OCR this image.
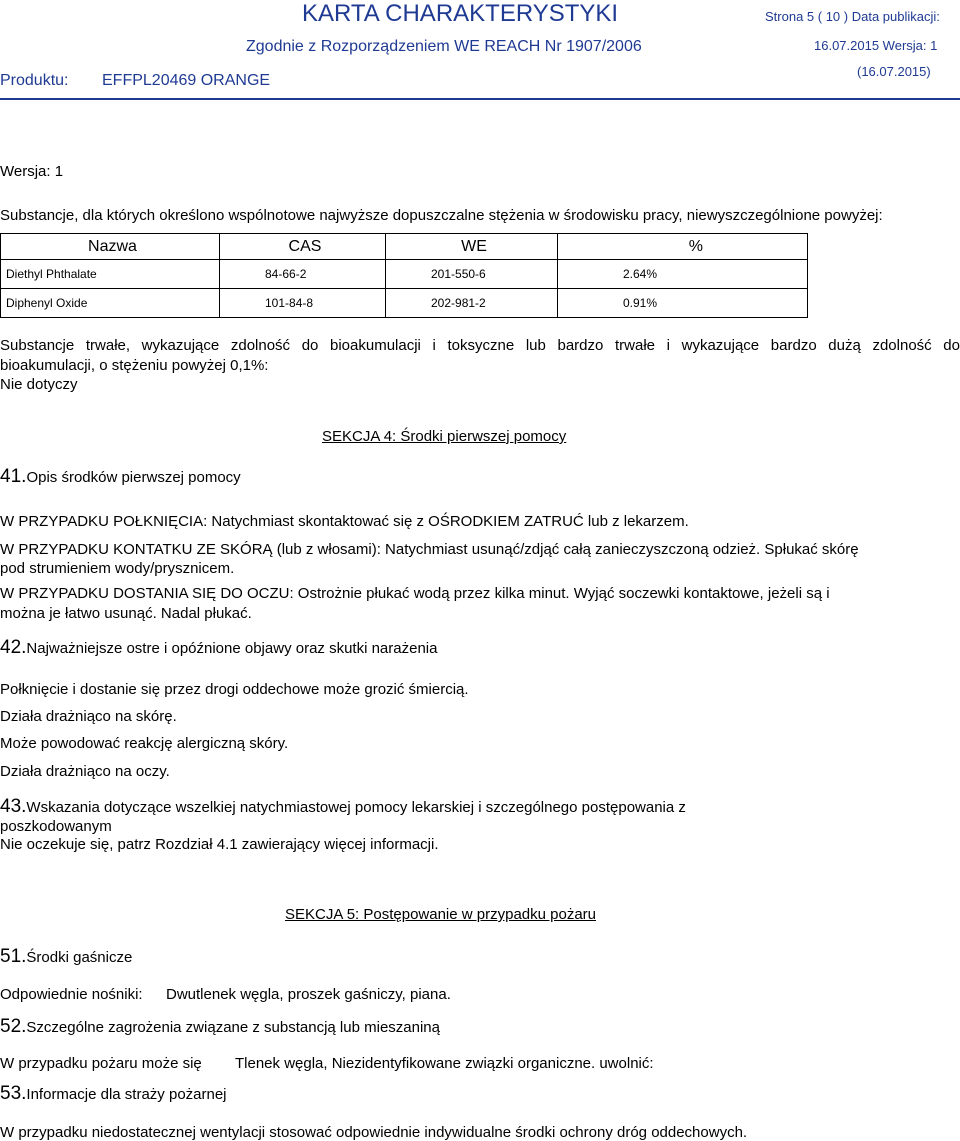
KARTA CHARAKTERYSTYKI
Zgodnie z Rozporządzeniem WE REACH Nr 1907/2006
Strona 5 ( 10 ) Data publikacji:
16.07.2015 Wersja: 1
(16.07.2015)
Produktu: EFFPL20469 ORANGE
Wersja: 1
Substancje, dla których określono wspólnotowe najwyższe dopuszczalne stężenia w środowisku pracy, niewyszczególnione powyżej:
Nazwa	CAS	WE	%
Diethyl Phthalate	84-66-2	201-550-6	2.64%
Diphenyl Oxide	101-84-8	202-981-2	0.91%
Substancje trwałe, wykazujące zdolność do bioakumulacji i toksyczne lub bardzo trwałe i wykazujące bardzo dużą zdolność do
bioakumulacji, o stężeniu powyżej 0,1%:
Nie dotyczy
SEKCJA 4: Środki pierwszej pomocy
41.Opis środków pierwszej pomocy
W PRZYPADKU POŁKNIĘCIA: Natychmiast skontaktować się z OŚRODKIEM ZATRUĆ lub z lekarzem.
W PRZYPADKU KONTATKU ZE SKÓRĄ (lub z włosami): Natychmiast usunąć/zdjąć całą zanieczyszczoną odzież. Spłukać skórę
pod strumieniem wody/prysznicem.
W PRZYPADKU DOSTANIA SIĘ DO OCZU: Ostrożnie płukać wodą przez kilka minut. Wyjąć soczewki kontaktowe, jeżeli są i
można je łatwo usunąć. Nadal płukać.
42.Najważniejsze ostre i opóźnione objawy oraz skutki narażenia
Połknięcie i dostanie się przez drogi oddechowe może grozić śmiercią.
Działa drażniąco na skórę.
Może powodować reakcję alergiczną skóry.
Działa drażniąco na oczy.
43.Wskazania dotyczące wszelkiej natychmiastowej pomocy lekarskiej i szczególnego postępowania z
poszkodowanym
Nie oczekuje się, patrz Rozdział 4.1 zawierający więcej informacji.
SEKCJA 5: Postępowanie w przypadku pożaru
51.Środki gaśnicze
Odpowiednie nośniki: Dwutlenek węgla, proszek gaśniczy, piana.
52.Szczególne zagrożenia związane z substancją lub mieszaniną
W przypadku pożaru może się Tlenek węgla, Niezidentyfikowane związki organiczne. uwolnić:
53.Informacje dla straży pożarnej
W przypadku niedostatecznej wentylacji stosować odpowiednie indywidualne środki ochrony dróg oddechowych.
